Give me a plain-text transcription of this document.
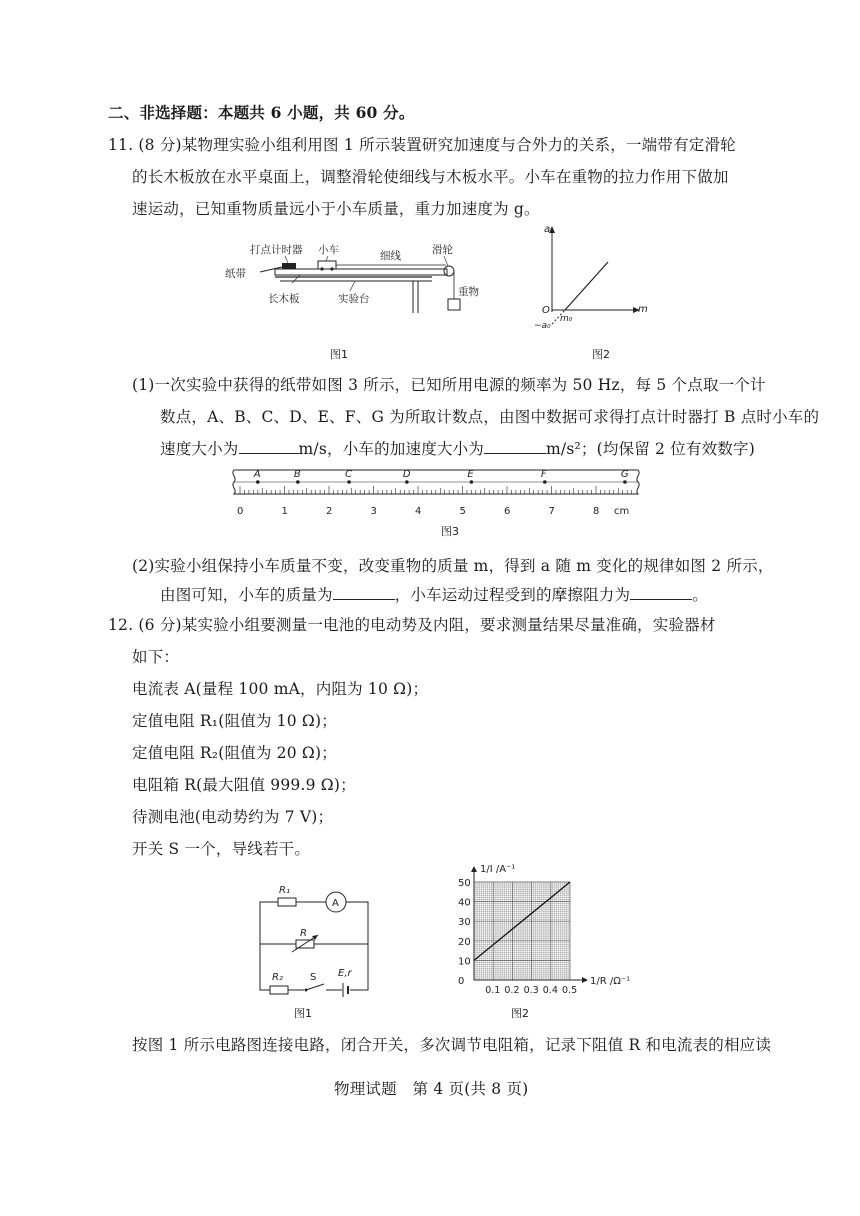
二、非选择题：本题共 6 小题，共 60 分。
11. (8 分)某物理实验小组利用图 1 所示装置研究加速度与合外力的关系，一端带有定滑轮
的长木板放在水平桌面上，调整滑轮使细线与木板水平。小车在重物的拉力作用下做加
速运动，已知重物质量远小于小车质量，重力加速度为 g。
打点计时器 小车	细线	滑轮
纸带
重物
长木板	实验台
图1
a
m
O
m₀
−a₀
图2
(1)一次实验中获得的纸带如图 3 所示，已知所用电源的频率为 50 Hz，每 5 个点取一个计
数点，A、B、C、D、E、F、G 为所取计数点，由图中数据可求得打点计时器打 B 点时小车的
速度大小为	m/s，小车的加速度大小为	m/s²；(均保留 2 位有效数字)
0	1	2	3	4	5	6	7	8 cm
A	B	C	D	E	F	G
图3
(2)实验小组保持小车质量不变，改变重物的质量 m，得到 a 随 m 变化的规律如图 2 所示，
由图可知，小车的质量为	，小车运动过程受到的摩擦阻力为	。
12. (6 分)某实验小组要测量一电池的电动势及内阻，要求测量结果尽量准确，实验器材
如下：
电流表 A(量程 100 mA，内阻为 10 Ω)；
定值电阻 R₁(阻值为 10 Ω)；
定值电阻 R₂(阻值为 20 Ω)；
电阻箱 R(最大阻值 999.9 Ω)；
待测电池(电动势约为 7 V)；
开关 S 一个，导线若干。
R₁
A
R
R₂	S E,r
图1
0
10
20
30
40
50
0.1 0.2 0.3 0.4 0.5
1/I /A⁻¹
1/R /Ω⁻¹
图2
按图 1 所示电路图连接电路，闭合开关，多次调节电阻箱，记录下阻值 R 和电流表的相应读
物理试题　第 4 页(共 8 页)
